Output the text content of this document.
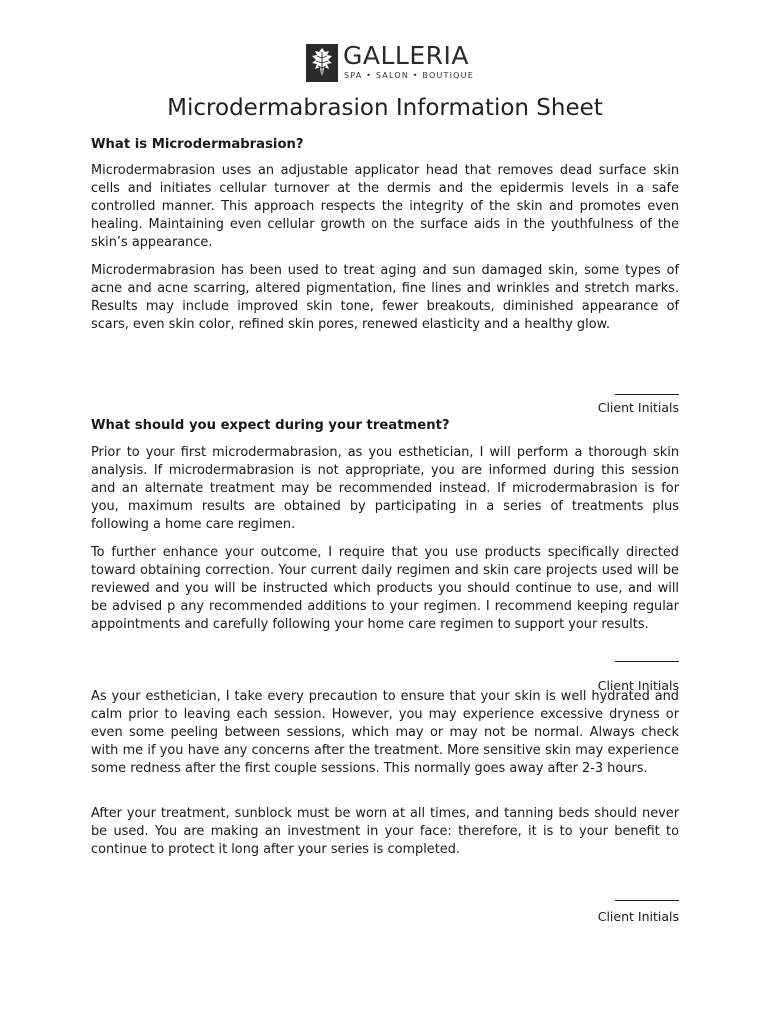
GALLERIA
SPA • SALON • BOUTIQUE
Microdermabrasion Information Sheet
What is Microdermabrasion?

Microdermabrasion uses an adjustable applicator head that removes dead surface skin cells and initiates cellular turnover at the dermis and the epidermis levels in a safe controlled manner. This approach respects the integrity of the skin and promotes even healing. Maintaining even cellular growth on the surface aids in the youthfulness of the skin’s appearance.

Microdermabrasion has been used to treat aging and sun damaged skin, some types of acne and acne scarring, altered pigmentation, fine lines and wrinkles and stretch marks. Results may include improved skin tone, fewer breakouts, diminished appearance of scars, even skin color, refined skin pores, renewed elasticity and a healthy glow.

Client Initials
What should you expect during your treatment?

Prior to your first microdermabrasion, as you esthetician, I will perform a thorough skin analysis. If microdermabrasion is not appropriate, you are informed during this session and an alternate treatment may be recommended instead. If microdermabrasion is for you, maximum results are obtained by participating in a series of treatments plus following a home care regimen.

To further enhance your outcome, I require that you use products specifically directed toward obtaining correction. Your current daily regimen and skin care projects used will be reviewed and you will be instructed which products you should continue to use, and will be advised p any recommended additions to your regimen. I recommend keeping regular appointments and carefully following your home care regimen to support your results.

Client Initials

As your esthetician, I take every precaution to ensure that your skin is well hydrated and calm prior to leaving each session. However, you may experience excessive dryness or even some peeling between sessions, which may or may not be normal. Always check with me if you have any concerns after the treatment. More sensitive skin may experience some redness after the first couple sessions. This normally goes away after 2-3 hours.

After your treatment, sunblock must be worn at all times, and tanning beds should never be used. You are making an investment in your face: therefore, it is to your benefit to continue to protect it long after your series is completed.

Client Initials
